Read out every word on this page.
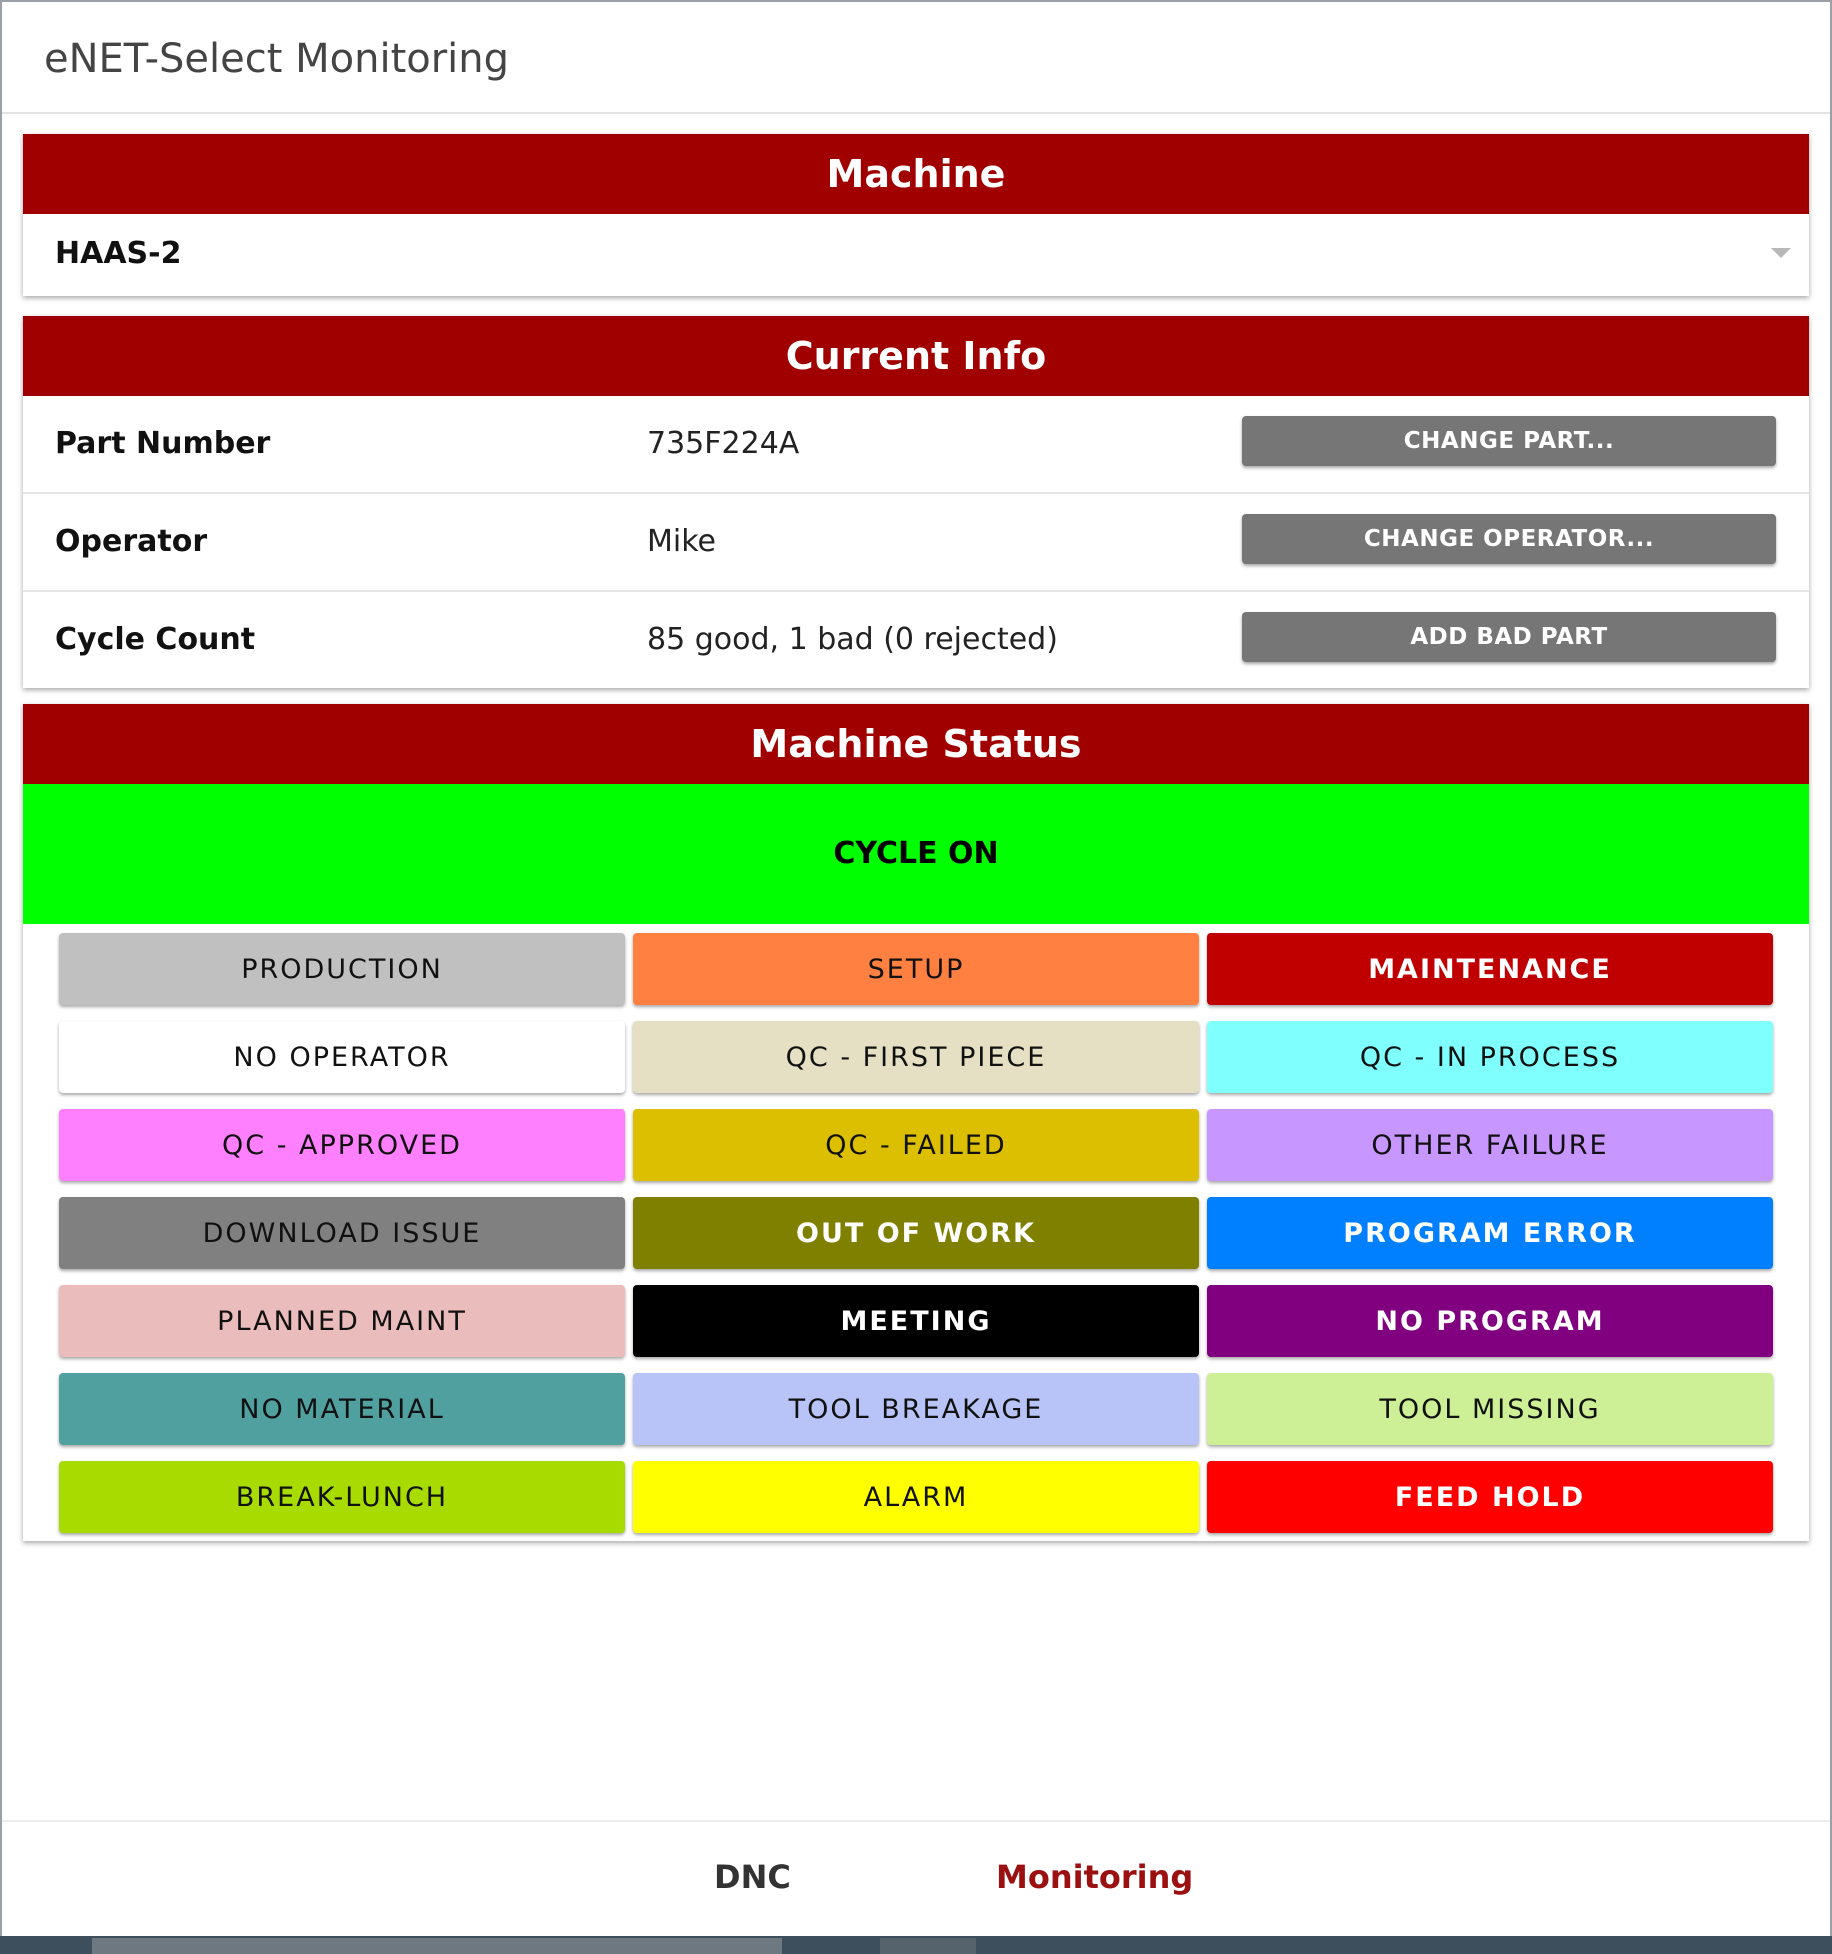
eNET-Select Monitoring
Machine
HAAS-2
Current Info
Part Number	735F224A	CHANGE PART...
Operator	Mike	CHANGE OPERATOR...
Cycle Count	85 good, 1 bad (0 rejected)	ADD BAD PART
Machine Status
CYCLE ON
PRODUCTION	SETUP	MAINTENANCE
NO OPERATOR	QC - FIRST PIECE	QC - IN PROCESS
QC - APPROVED	QC - FAILED	OTHER FAILURE
DOWNLOAD ISSUE	OUT OF WORK	PROGRAM ERROR
PLANNED MAINT	MEETING	NO PROGRAM
NO MATERIAL	TOOL BREAKAGE	TOOL MISSING
BREAK-LUNCH	ALARM	FEED HOLD
DNC	Monitoring
